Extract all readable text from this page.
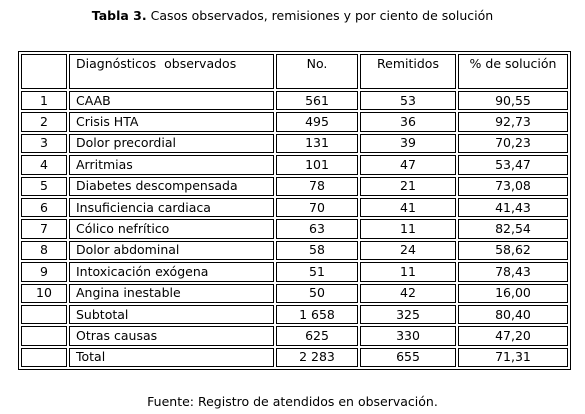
Tabla 3. Casos observados, remisiones y por ciento de solución
	Diagnósticos  observados	No.	Remitidos	% de solución
1	CAAB	561	53	90,55
2	Crisis HTA	495	36	92,73
3	Dolor precordial	131	39	70,23
4	Arritmias	101	47	53,47
5	Diabetes descompensada	78	21	73,08
6	Insuficiencia cardiaca	70	41	41,43
7	Cólico nefrítico	63	11	82,54
8	Dolor abdominal	58	24	58,62
9	Intoxicación exógena	51	11	78,43
10	Angina inestable	50	42	16,00
	Subtotal	1 658	325	80,40
	Otras causas	625	330	47,20
	Total	2 283	655	71,31
Fuente: Registro de atendidos en observación.
